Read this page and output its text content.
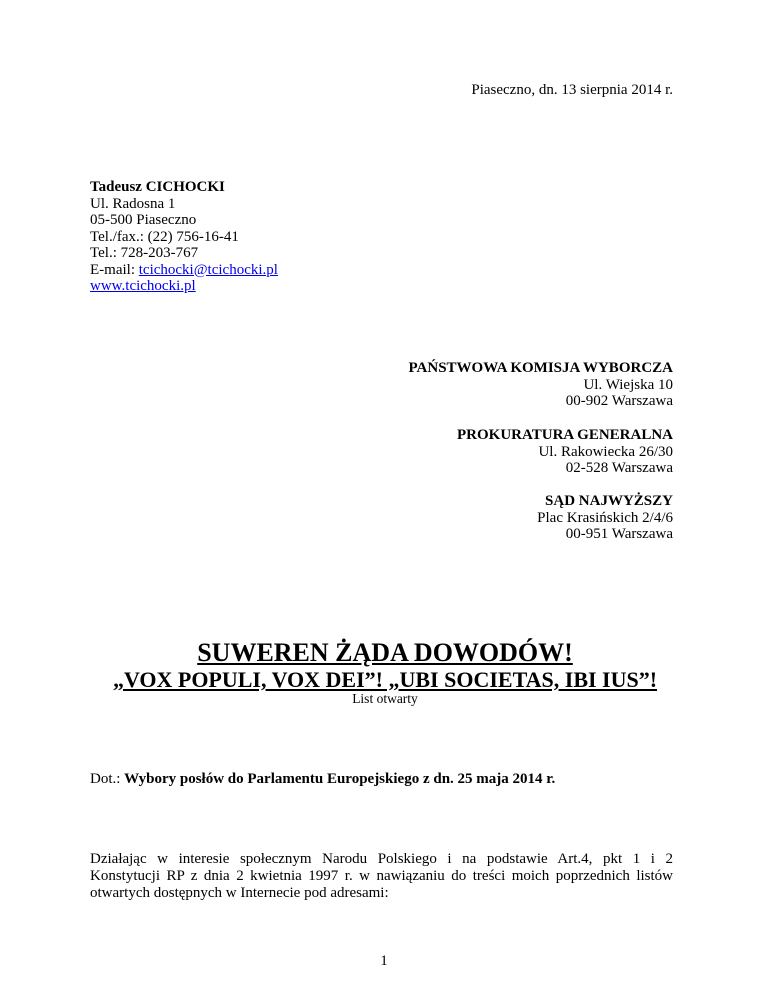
Piaseczno, dn. 13 sierpnia 2014 r.
Tadeusz CICHOCKI
Ul. Radosna 1
05-500 Piaseczno
Tel./fax.: (22) 756-16-41
Tel.: 728-203-767
E-mail: tcichocki@tcichocki.pl
www.tcichocki.pl
PAŃSTWOWA KOMISJA WYBORCZA
Ul. Wiejska 10
00-902 Warszawa
PROKURATURA GENERALNA
Ul. Rakowiecka 26/30
02-528 Warszawa
SĄD NAJWYŻSZY
Plac Krasińskich 2/4/6
00-951 Warszawa
SUWEREN ŻĄDA DOWODÓW!
„VOX POPULI, VOX DEI”! „UBI SOCIETAS, IBI IUS”!
List otwarty
Dot.: Wybory posłów do Parlamentu Europejskiego z dn. 25 maja 2014 r.
Działając w interesie społecznym Narodu Polskiego i na podstawie Art.4, pkt 1 i 2
Konstytucji RP z dnia 2 kwietnia 1997 r. w nawiązaniu do treści moich poprzednich listów
otwartych dostępnych w Internecie pod adresami:
1
